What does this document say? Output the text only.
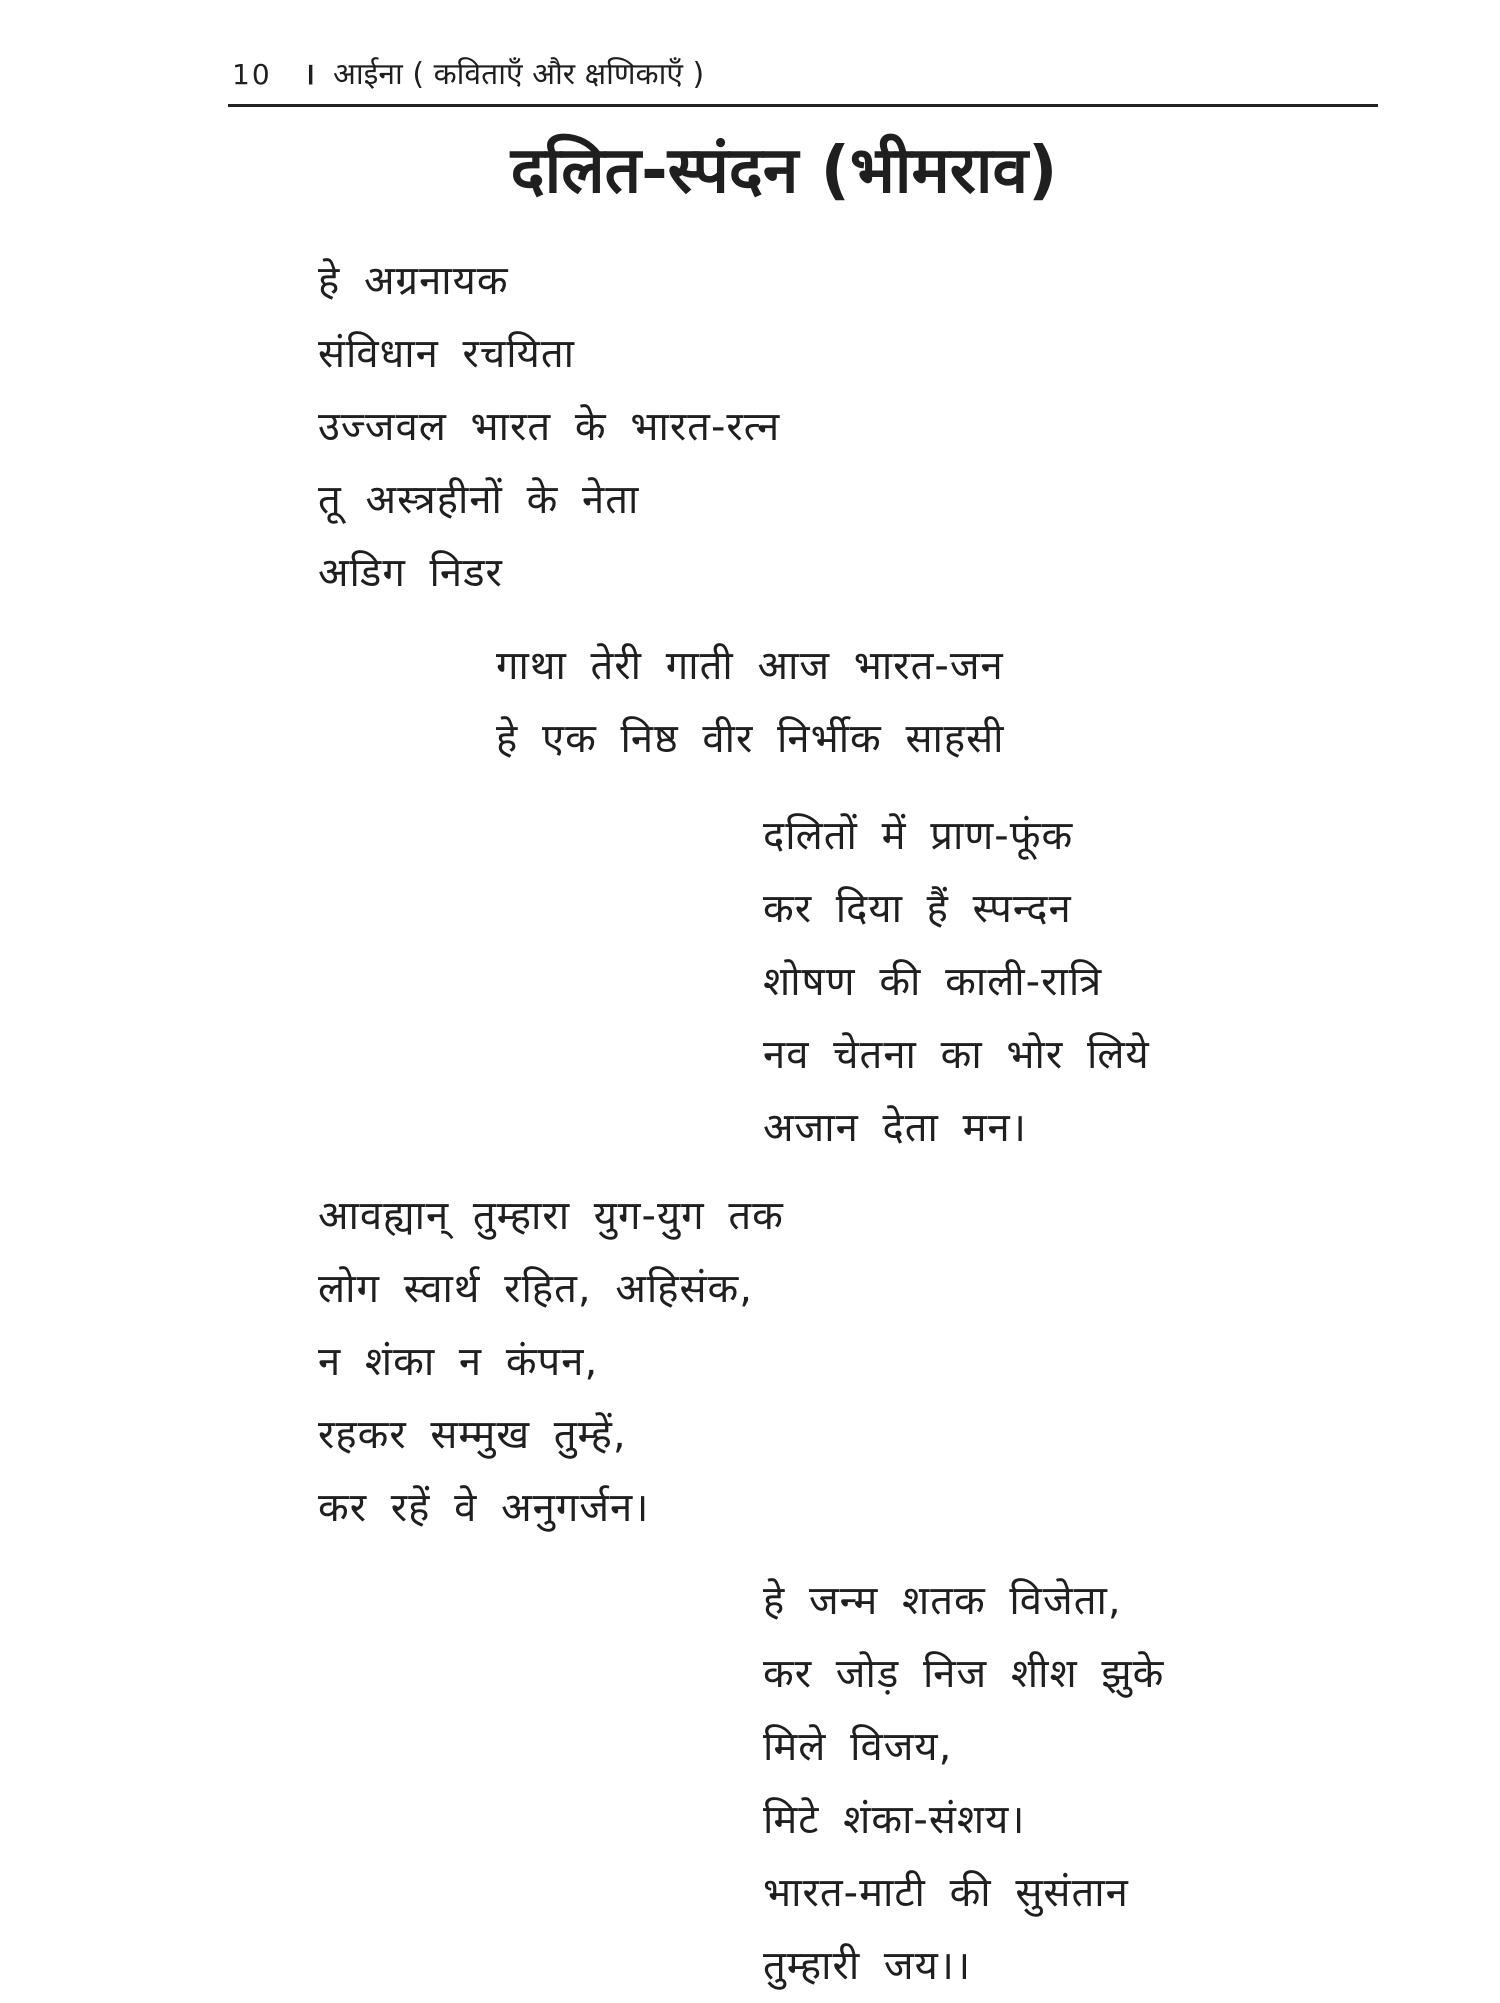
10 । आईना ( कविताएँ और क्षणिकाएँ )
दलित-स्पंदन (भीमराव)
हे अग्रनायक
संविधान रचयिता
उज्जवल भारत के भारत-रत्न
तू अस्त्रहीनों के नेता
अडिग निडर
गाथा तेरी गाती आज भारत-जन
हे एक निष्ठ वीर निर्भीक साहसी
दलितों में प्राण-फूंक
कर दिया हैं स्पन्दन
शोषण की काली-रात्रि
नव चेतना का भोर लिये
अजान देता मन।
आवह्यान् तुम्हारा युग-युग तक
लोग स्वार्थ रहित, अहिसंक,
न शंका न कंपन,
रहकर सम्मुख तुम्हें,
कर रहें वे अनुगर्जन।
हे जन्म शतक विजेता,
कर जोड़ निज शीश झुके
मिले विजय,
मिटे शंका-संशय।
भारत-माटी की सुसंतान
तुम्हारी जय।।
